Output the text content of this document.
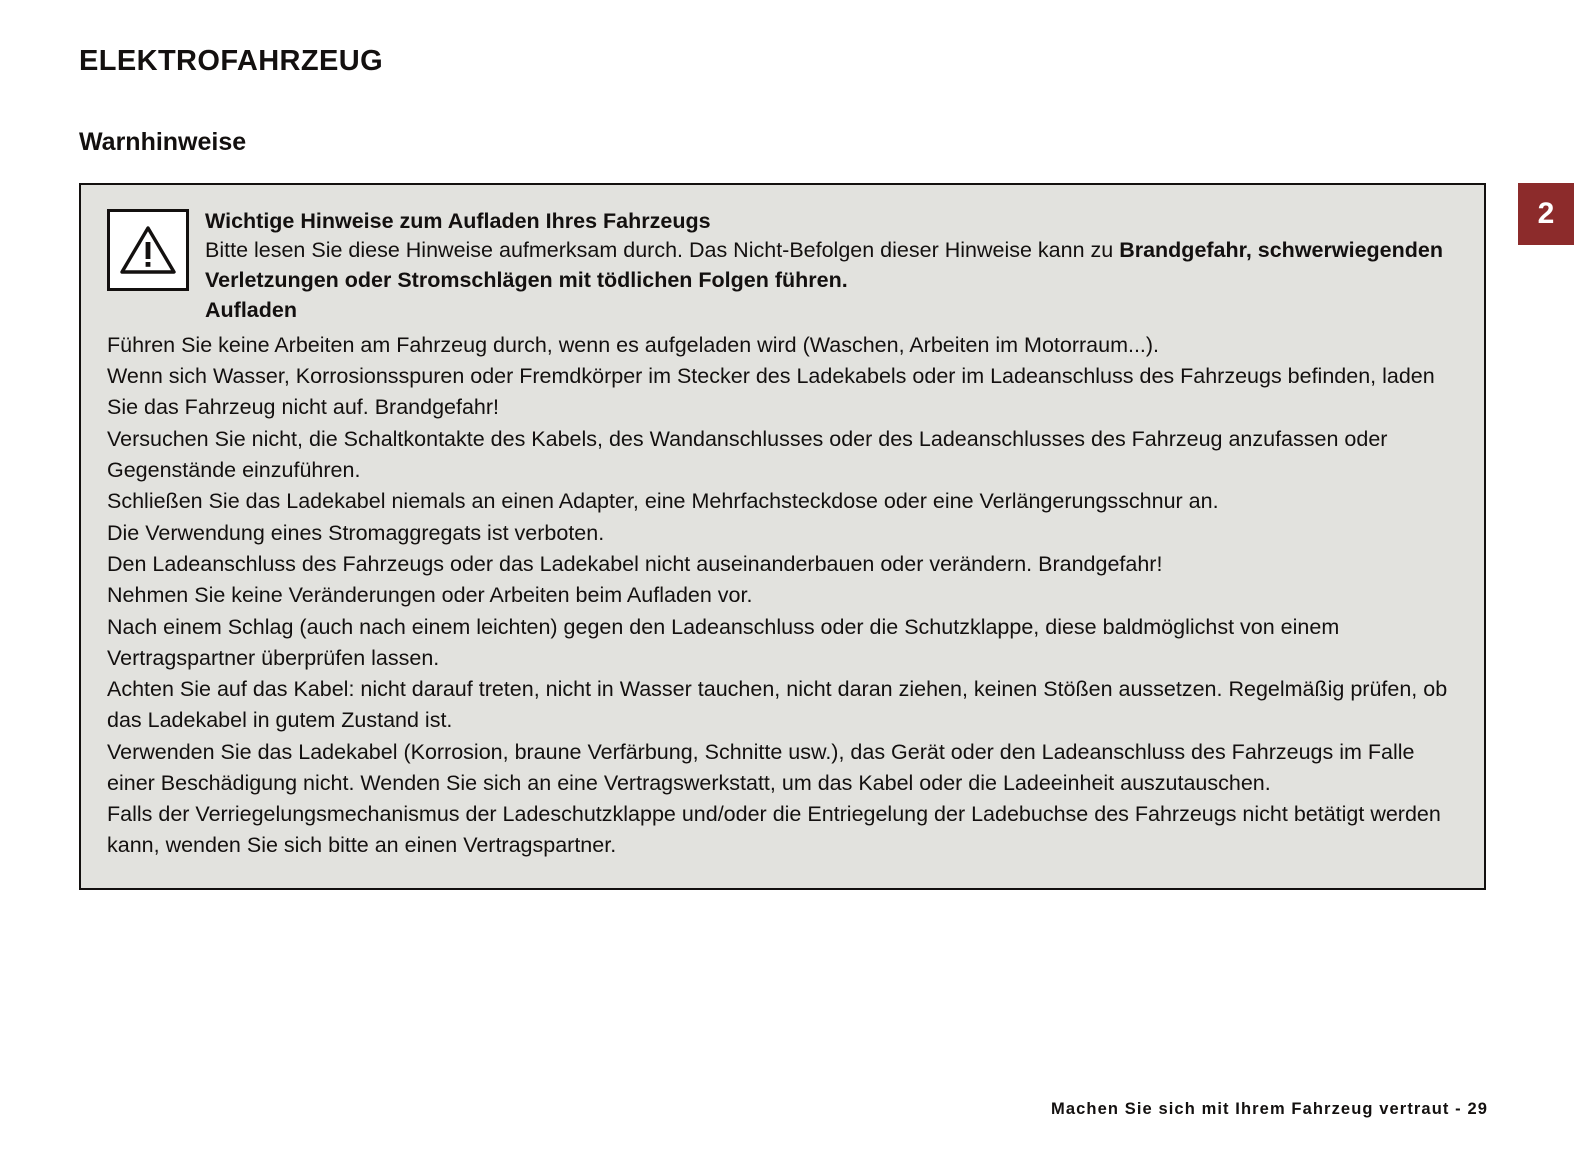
ELEKTROFAHRZEUG
Warnhinweise
2
Wichtige Hinweise zum Aufladen Ihres Fahrzeugs
Bitte lesen Sie diese Hinweise aufmerksam durch. Das Nicht-Befolgen dieser Hinweise kann zu Brandgefahr, schwerwiegenden Verletzungen oder Stromschlägen mit tödlichen Folgen führen.
Aufladen

Führen Sie keine Arbeiten am Fahrzeug durch, wenn es aufgeladen wird (Waschen, Arbeiten im Motorraum...).

Wenn sich Wasser, Korrosionsspuren oder Fremdkörper im Stecker des Ladekabels oder im Ladeanschluss des Fahrzeugs befinden, laden Sie das Fahrzeug nicht auf. Brandgefahr!

Versuchen Sie nicht, die Schaltkontakte des Kabels, des Wandanschlusses oder des Ladeanschlusses des Fahrzeug anzufassen oder Gegenstände einzuführen.

Schließen Sie das Ladekabel niemals an einen Adapter, eine Mehrfachsteckdose oder eine Verlängerungsschnur an.

Die Verwendung eines Stromaggregats ist verboten.

Den Ladeanschluss des Fahrzeugs oder das Ladekabel nicht auseinanderbauen oder verändern. Brandgefahr!

Nehmen Sie keine Veränderungen oder Arbeiten beim Aufladen vor.

Nach einem Schlag (auch nach einem leichten) gegen den Ladeanschluss oder die Schutzklappe, diese baldmöglichst von einem Vertragspartner überprüfen lassen.

Achten Sie auf das Kabel: nicht darauf treten, nicht in Wasser tauchen, nicht daran ziehen, keinen Stößen aussetzen. Regelmäßig prüfen, ob das Ladekabel in gutem Zustand ist.

Verwenden Sie das Ladekabel (Korrosion, braune Verfärbung, Schnitte usw.), das Gerät oder den Ladeanschluss des Fahrzeugs im Falle einer Beschädigung nicht. Wenden Sie sich an eine Vertragswerkstatt, um das Kabel oder die Ladeeinheit auszutauschen.

Falls der Verriegelungsmechanismus der Ladeschutzklappe und/oder die Entriegelung der Ladebuchse des Fahrzeugs nicht betätigt werden kann, wenden Sie sich bitte an einen Vertragspartner.

Machen Sie sich mit Ihrem Fahrzeug vertraut - 29
